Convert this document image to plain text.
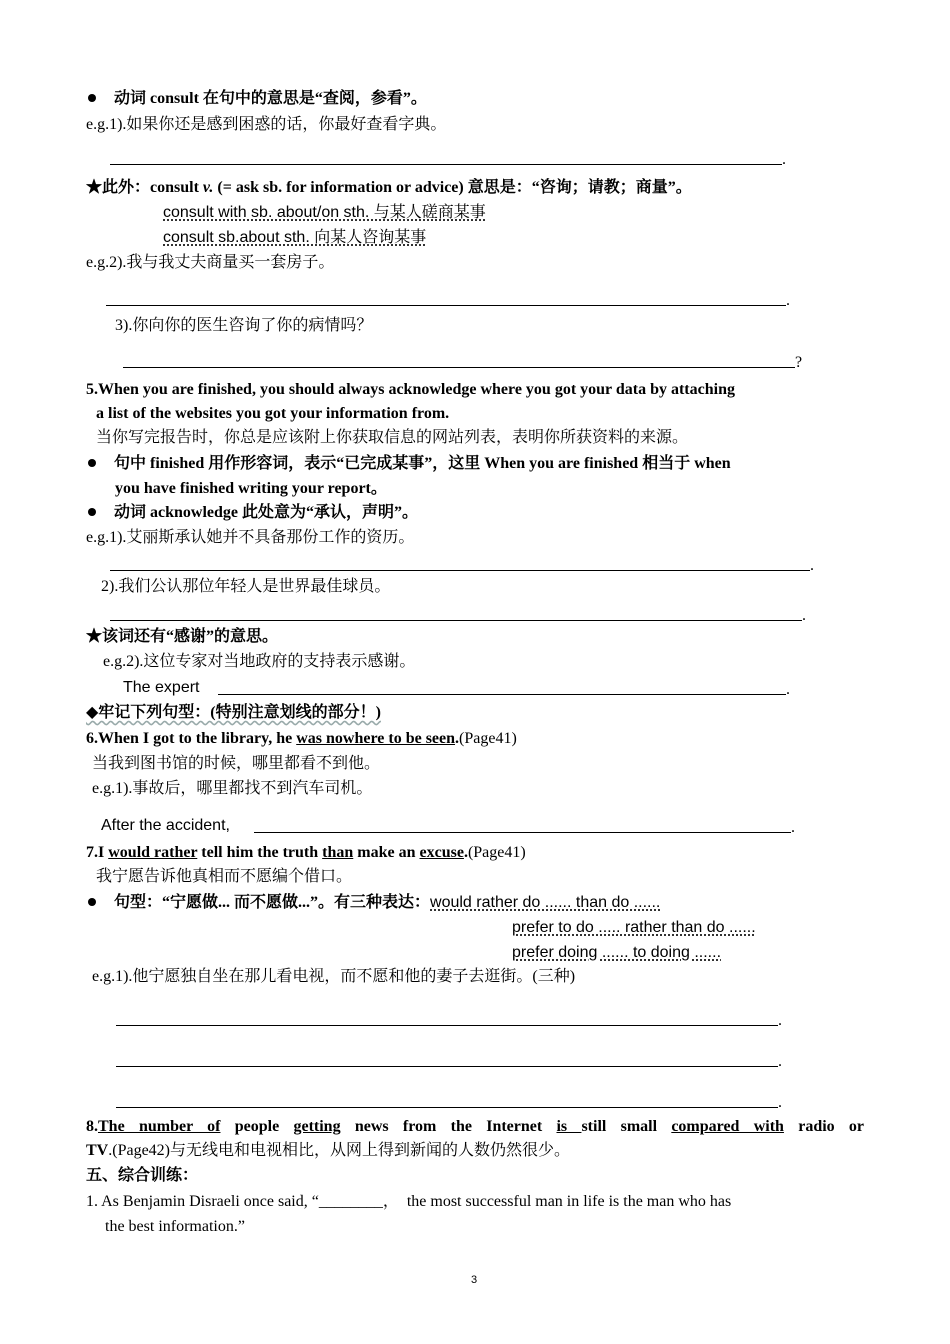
动词 consult 在句中的意思是“查阅，参看”。
e.g.1).如果你还是感到困惑的话，你最好查看字典。
.
★此外：consult v. (= ask sb. for information or advice) 意思是：“咨询；请教；商量”。
consult with sb. about/on sth. 与某人磋商某事
consult sb.about sth. 向某人咨询某事
e.g.2).我与我丈夫商量买一套房子。
.
3).你向你的医生咨询了你的病情吗？
?
5.When you are finished, you should always acknowledge where you got your data by attaching
a list of the websites you got your information from.
当你写完报告时，你总是应该附上你获取信息的网站列表，表明你所获资料的来源。
句中 finished 用作形容词，表示“已完成某事”，这里 When you are finished 相当于 when
you have finished writing your report。
动词 acknowledge 此处意为“承认，声明”。
e.g.1).艾丽斯承认她并不具备那份工作的资历。
.
2).我们公认那位年轻人是世界最佳球员。
.
★该词还有“感谢”的意思。
e.g.2).这位专家对当地政府的支持表示感谢。
The expert	.
◆牢记下列句型：(特别注意划线的部分！)
6.When I got to the library, he was nowhere to be seen.(Page41)
当我到图书馆的时候，哪里都看不到他。
e.g.1).事故后，哪里都找不到汽车司机。
After the accident,	.
7.I would rather tell him the truth than make an excuse.(Page41)
我宁愿告诉他真相而不愿编个借口。
句型：“宁愿做... 而不愿做...”。有三种表达：would rather do ...... than do ......
prefer to do ..... rather than do ......
prefer doing ...... to doing ......
e.g.1).他宁愿独自坐在那儿看电视，而不愿和他的妻子去逛街。(三种)
.
.
.
8.The number of people getting news from the Internet is still small compared with radio or
TV.(Page42)与无线电和电视相比，从网上得到新闻的人数仍然很少。
五、综合训练：
1. As Benjamin Disraeli once said, “________，  the most successful man in life is the man who has
the best information.”
3
